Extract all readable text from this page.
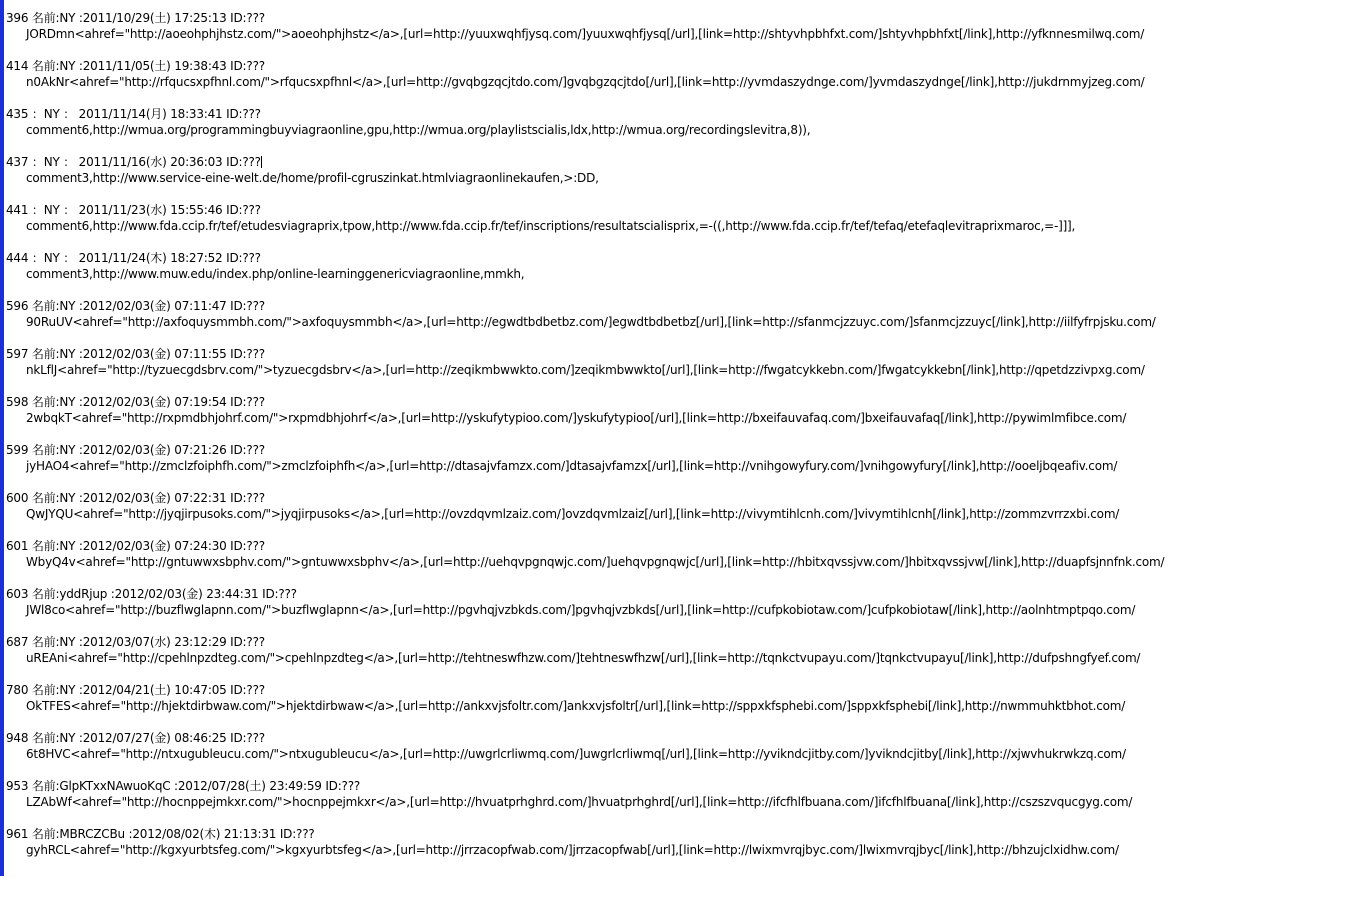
396 名前:NY :2011/10/29(土) 17:25:13 ID:???
JORDmn<ahref="http://aoeohphjhstz.com/">aoeohphjhstz</a>,[url=http://yuuxwqhfjysq.com/]yuuxwqhfjysq[/url],[link=http://shtyvhpbhfxt.com/]shtyvhpbhfxt[/link],http://yfknnesmilwq.com/
414 名前:NY :2011/11/05(土) 19:38:43 ID:???
n0AkNr<ahref="http://rfqucsxpfhnl.com/">rfqucsxpfhnl</a>,[url=http://gvqbgzqcjtdo.com/]gvqbgzqcjtdo[/url],[link=http://yvmdaszydnge.com/]yvmdaszydnge[/link],http://jukdrnmyjzeg.com/
435 ：NY ： 2011/11/14(月) 18:33:41 ID:???
comment6,http://wmua.org/programmingbuyviagraonline,gpu,http://wmua.org/playlistscialis,ldx,http://wmua.org/recordingslevitra,8)),
437 ：NY ： 2011/11/16(水) 20:36:03 ID:???
comment3,http://www.service-eine-welt.de/home/profil-cgruszinkat.htmlviagraonlinekaufen,>:DD,
441 ：NY ： 2011/11/23(水) 15:55:46 ID:???
comment6,http://www.fda.ccip.fr/tef/etudesviagraprix,tpow,http://www.fda.ccip.fr/tef/inscriptions/resultatscialisprix,=-((,http://www.fda.ccip.fr/tef/tefaq/etefaqlevitraprixmaroc,=-]]],
444 ：NY ： 2011/11/24(木) 18:27:52 ID:???
comment3,http://www.muw.edu/index.php/online-learninggenericviagraonline,mmkh,
596 名前:NY :2012/02/03(金) 07:11:47 ID:???
90RuUV<ahref="http://axfoquysmmbh.com/">axfoquysmmbh</a>,[url=http://egwdtbdbetbz.com/]egwdtbdbetbz[/url],[link=http://sfanmcjzzuyc.com/]sfanmcjzzuyc[/link],http://iilfyfrpjsku.com/
597 名前:NY :2012/02/03(金) 07:11:55 ID:???
nkLflJ<ahref="http://tyzuecgdsbrv.com/">tyzuecgdsbrv</a>,[url=http://zeqikmbwwkto.com/]zeqikmbwwkto[/url],[link=http://fwgatcykkebn.com/]fwgatcykkebn[/link],http://qpetdzzivpxg.com/
598 名前:NY :2012/02/03(金) 07:19:54 ID:???
2wbqkT<ahref="http://rxpmdbhjohrf.com/">rxpmdbhjohrf</a>,[url=http://yskufytypioo.com/]yskufytypioo[/url],[link=http://bxeifauvafaq.com/]bxeifauvafaq[/link],http://pywimlmfibce.com/
599 名前:NY :2012/02/03(金) 07:21:26 ID:???
jyHAO4<ahref="http://zmclzfoiphfh.com/">zmclzfoiphfh</a>,[url=http://dtasajvfamzx.com/]dtasajvfamzx[/url],[link=http://vnihgowyfury.com/]vnihgowyfury[/link],http://ooeljbqeafiv.com/
600 名前:NY :2012/02/03(金) 07:22:31 ID:???
QwJYQU<ahref="http://jyqjirpusoks.com/">jyqjirpusoks</a>,[url=http://ovzdqvmlzaiz.com/]ovzdqvmlzaiz[/url],[link=http://vivymtihlcnh.com/]vivymtihlcnh[/link],http://zommzvrrzxbi.com/
601 名前:NY :2012/02/03(金) 07:24:30 ID:???
WbyQ4v<ahref="http://gntuwwxsbphv.com/">gntuwwxsbphv</a>,[url=http://uehqvpgnqwjc.com/]uehqvpgnqwjc[/url],[link=http://hbitxqvssjvw.com/]hbitxqvssjvw[/link],http://duapfsjnnfnk.com/
603 名前:yddRjup :2012/02/03(金) 23:44:31 ID:???
JWl8co<ahref="http://buzflwglapnn.com/">buzflwglapnn</a>,[url=http://pgvhqjvzbkds.com/]pgvhqjvzbkds[/url],[link=http://cufpkobiotaw.com/]cufpkobiotaw[/link],http://aolnhtmptpqo.com/
687 名前:NY :2012/03/07(水) 23:12:29 ID:???
uREAni<ahref="http://cpehlnpzdteg.com/">cpehlnpzdteg</a>,[url=http://tehtneswfhzw.com/]tehtneswfhzw[/url],[link=http://tqnkctvupayu.com/]tqnkctvupayu[/link],http://dufpshngfyef.com/
780 名前:NY :2012/04/21(土) 10:47:05 ID:???
OkTFES<ahref="http://hjektdirbwaw.com/">hjektdirbwaw</a>,[url=http://ankxvjsfoltr.com/]ankxvjsfoltr[/url],[link=http://sppxkfsphebi.com/]sppxkfsphebi[/link],http://nwmmuhktbhot.com/
948 名前:NY :2012/07/27(金) 08:46:25 ID:???
6t8HVC<ahref="http://ntxugubleucu.com/">ntxugubleucu</a>,[url=http://uwgrlcrliwmq.com/]uwgrlcrliwmq[/url],[link=http://yvikndcjitby.com/]yvikndcjitby[/link],http://xjwvhukrwkzq.com/
953 名前:GlpKTxxNAwuoKqC :2012/07/28(土) 23:49:59 ID:???
LZAbWf<ahref="http://hocnppejmkxr.com/">hocnppejmkxr</a>,[url=http://hvuatprhghrd.com/]hvuatprhghrd[/url],[link=http://ifcfhlfbuana.com/]ifcfhlfbuana[/link],http://cszszvqucgyg.com/
961 名前:MBRCZCBu :2012/08/02(木) 21:13:31 ID:???
gyhRCL<ahref="http://kgxyurbtsfeg.com/">kgxyurbtsfeg</a>,[url=http://jrrzacopfwab.com/]jrrzacopfwab[/url],[link=http://lwixmvrqjbyc.com/]lwixmvrqjbyc[/link],http://bhzujclxidhw.com/
